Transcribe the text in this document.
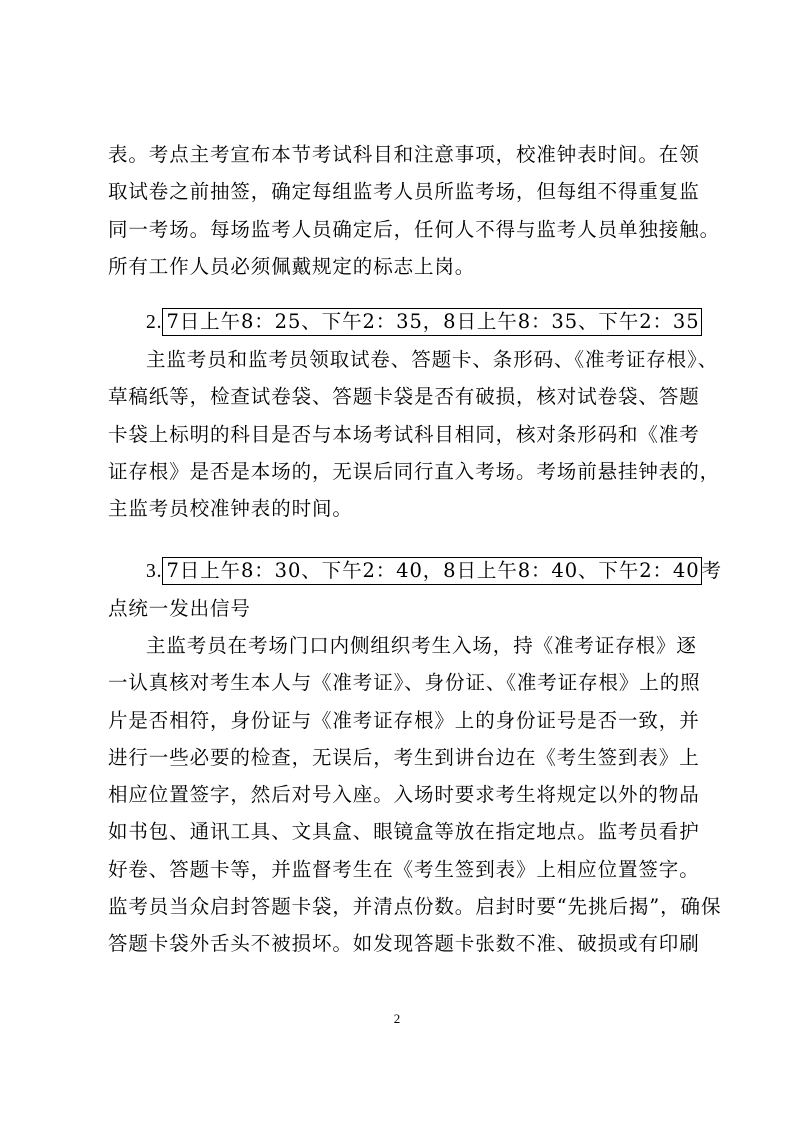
表。考点主考宣布本节考试科目和注意事项，校准钟表时间。在领
取试卷之前抽签，确定每组监考人员所监考场，但每组不得重复监
同一考场。每场监考人员确定后，任何人不得与监考人员单独接触。
所有工作人员必须佩戴规定的标志上岗。
2. 7日上午8：25、下午2：35，8日上午8：35、下午2：35
主监考员和监考员领取试卷、答题卡、条形码、《准考证存根》、
草稿纸等，检查试卷袋、答题卡袋是否有破损，核对试卷袋、答题
卡袋上标明的科目是否与本场考试科目相同，核对条形码和《准考
证存根》是否是本场的，无误后同行直入考场。考场前悬挂钟表的，
主监考员校准钟表的时间。
3. 7日上午8：30、下午2：40，8日上午8：40、下午2：40 考
点统一发出信号
主监考员在考场门口内侧组织考生入场，持《准考证存根》逐
一认真核对考生本人与《准考证》、身份证、《准考证存根》上的照
片是否相符，身份证与《准考证存根》上的身份证号是否一致，并
进行一些必要的检查，无误后，考生到讲台边在《考生签到表》上
相应位置签字，然后对号入座。入场时要求考生将规定以外的物品
如书包、通讯工具、文具盒、眼镜盒等放在指定地点。监考员看护
好卷、答题卡等，并监督考生在《考生签到表》上相应位置签字。
监考员当众启封答题卡袋，并清点份数。启封时要“先挑后揭”，确保
答题卡袋外舌头不被损坏。如发现答题卡张数不准、破损或有印刷
2
